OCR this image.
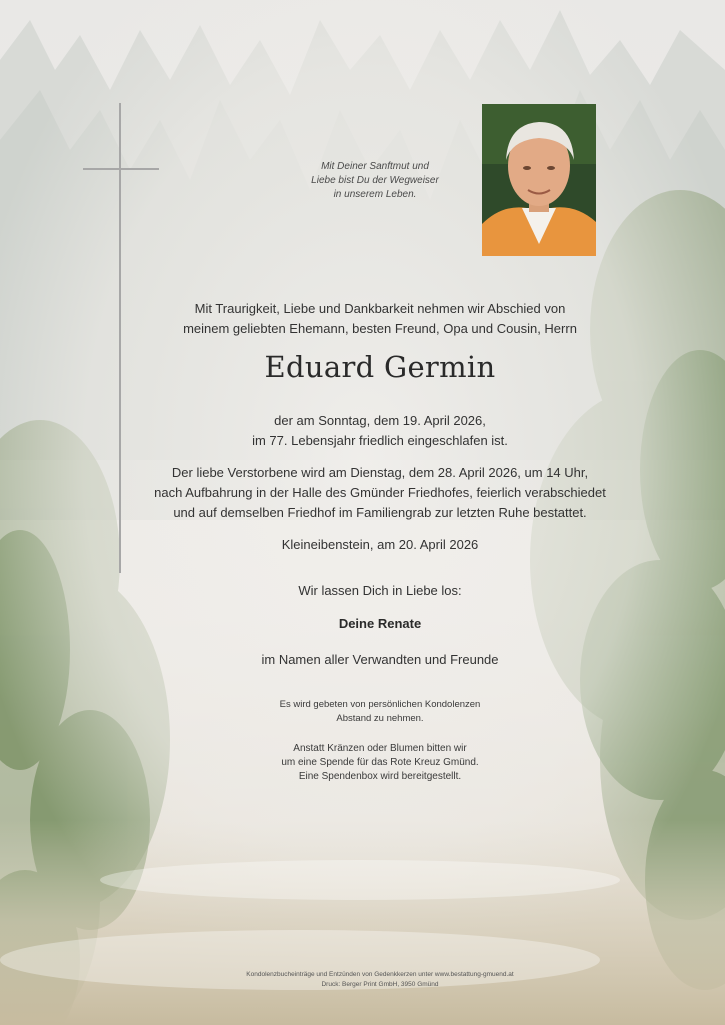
Mit Deiner Sanftmut und
Liebe bist Du der Wegweiser
in unserem Leben.
Mit Traurigkeit, Liebe und Dankbarkeit nehmen wir Abschied von
meinem geliebten Ehemann, besten Freund, Opa und Cousin, Herrn
Eduard Germin
der am Sonntag, dem 19. April 2026,
im 77. Lebensjahr friedlich eingeschlafen ist.
Der liebe Verstorbene wird am Dienstag, dem 28. April 2026, um 14 Uhr,
nach Aufbahrung in der Halle des Gmünder Friedhofes, feierlich verabschiedet
und auf demselben Friedhof im Familiengrab zur letzten Ruhe bestattet.
Kleineibenstein, am 20. April 2026
Wir lassen Dich in Liebe los:
Deine Renate
im Namen aller Verwandten und Freunde
Es wird gebeten von persönlichen Kondolenzen
Abstand zu nehmen.
Anstatt Kränzen oder Blumen bitten wir
um eine Spende für das Rote Kreuz Gmünd.
Eine Spendenbox wird bereitgestellt.
Kondolenzbucheinträge und Entzünden von Gedenkkerzen unter www.bestattung-gmuend.at
Druck: Berger Print GmbH, 3950 Gmünd
